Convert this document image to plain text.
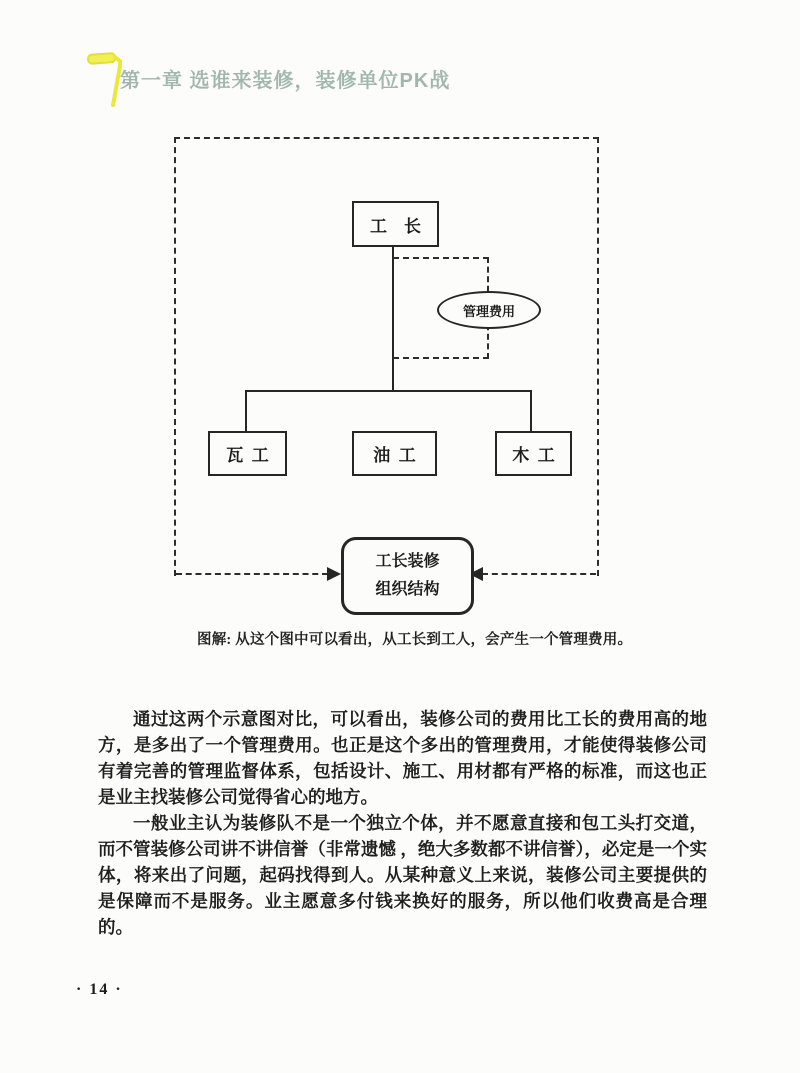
第一章 选谁来装修，装修单位PK战
工　长
管理费用
瓦  工	油  工	木  工
工长装修
组织结构
图解: 从这个图中可以看出，从工长到工人，会产生一个管理费用。

通过这两个示意图对比，可以看出，装修公司的费用比工长的费用高的地方，是多出了一个管理费用。也正是这个多出的管理费用，才能使得装修公司有着完善的管理监督体系，包括设计、施工、用材都有严格的标准，而这也正是业主找装修公司觉得省心的地方。

一般业主认为装修队不是一个独立个体，并不愿意直接和包工头打交道，而不管装修公司讲不讲信誉（非常遗憾 ，绝大多数都不讲信誉），必定是一个实体，将来出了问题，起码找得到人。从某种意义上来说，装修公司主要提供的是保障而不是服务。业主愿意多付钱来换好的服务，所以他们收费高是合理的。

· 14 ·
